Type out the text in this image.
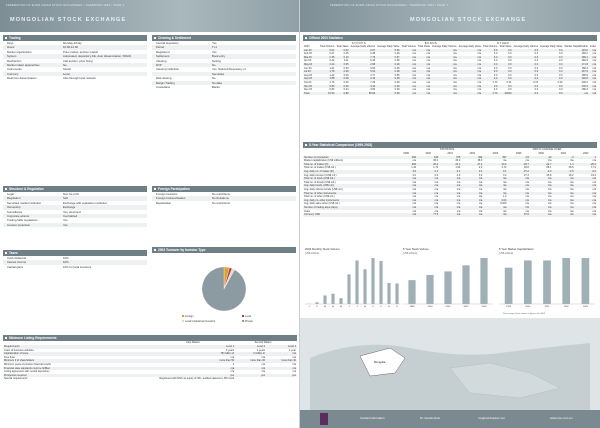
FEDERATION OF EURO-ASIAN STOCK EXCHANGES / YEARBOOK 2003 / PAGE 7
MONGOLIAN STOCK EXCHANGE
Trading
Days	Monday-Friday
Hours	10:00-12:00
Market organization	Pure market, auction market
System	Automated, depository link, Auto dissemination, SWAN
Mechanism	Call auction, price fixing
Market maker approaches	No
Instruments	Stocks
Currency	Local
Real time dissemination	Also through local network
Clearing & Settlement
Central depository	Yes
Period	T+1
Registered	Yes
Settlement	Book entry
Clearing	Netting
DVP	No
Clearing institution	Yes, National Depository of
Securities
Risk sharing	No
Margin Trading	No data
Custodians	Banks
Structure & Regulation
Legal	Non-for-profit
Regulation	Self
Securities market institution	Exchange with evaluation institution
Ownership	Exchange
Surveillance	Yes, electronic
Corporate actions	Centralized
Trading halts regulations	Yes
Investor protection	Yes
Foreign Participation
Foreign investors	No restrictions
Foreign brokers/dealers	No limitations
Repatriation	No restrictions
Taxes
Cash dividends	10%
Interest income	10%
Capital gains	10% for local investors
2003 Turnover by Investor Type
Foreign	Local
Local Institutional Investors	Private
Minimum Listing Requirements
First Market	Second Market
Requirements	Level 1	Level 2	Level 3
Years of business activities	3 years	2 years	1 year
Capitalization of issue	7B million tri	3 million tri	n/a
Free float	n/a	n/a	n/a
Minimum # of shareholders	more than 50	more than 30	more than 30
Minimum years of positive financial results	2	n/a	n/a
Financial state standards must be fulfilled	n/a	n/a	n/a
Listing agreement with central depository	n/a	n/a	n/a
Prospectus required	yes	yes	yes
Special requirements	Registered with MSC as equity of IDC, audited statement, MCI card		
FEDERATION OF EURO-ASIAN STOCK EXCHANGES / YEARBOOK 2003 / PAGE 7
MONGOLIAN STOCK EXCHANGE
Official 2003 Statistics
STOCKS	BONDS	OTHER
2003	Total Volume	Total Value	Average Daily Volume	Average Daily Value	Total Volume	Total Value	Average Daily Volume	Average Daily Value	Total Volume	Total Value	Average Daily Volume	Average Daily Value	Market Capitalization	Index
Jan.03	0.01	0.02	0.07	0.56	n/a	n/a	n/a	n/a	0.0	0.0	0.0	0.0	191.0	n/a
Feb.03	0.07	0.06	0.38	0.26	n/a	n/a	n/a	n/a	0.0	0.0	0.0	0.0	182.2	n/a
Mar.03	0.35	0.10	7.76	0.97	n/a	n/a	n/a	n/a	0.0	0.0	0.0	0.0	189.1	n/a
Apr.03	0.42	0.11	6.40	0.48	n/a	n/a	n/a	n/a	0.0	0.0	0.0	0.0	182.9	n/a
May.03	0.24	0.05	2.98	0.29	n/a	n/a	n/a	n/a	0.0	0.0	0.0	0.0	171.8	n/a
Jun.03	1.21	0.06	3.66	0.45	n/a	n/a	n/a	n/a	0.0	0.0	0.0	0.0	168.4	n/a
Jul.03	1.78	0.08	5.02	0.48	n/a	n/a	n/a	n/a	0.0	0.0	0.0	0.0	167.6	n/a
Aug.03	1.42	0.09	4.77	0.55	n/a	n/a	n/a	n/a	0.0	0.0	0.0	0.0	185.9	n/a
Sep.03	1.88	0.08	6.10	0.48	n/a	n/a	n/a	n/a	0.0	0.0	0.0	0.0	192.8	n/a
Oct.03	1.76	0.09	7.29	0.48	n/a	n/a	n/a	n/a	1.70	0.01	0.07	0.00	200.0	n/a
Nov.03	0.86	0.06	4.43	0.29	n/a	n/a	n/a	n/a	0.0	0.0	0.0	0.0	178.3	n/a
Dec.03	0.84	0.04	3.83	0.29	n/a	n/a	n/a	n/a	0.0	0.0	0.0	0.0	188.4	n/a
Total	10.04	0.88	58.84	5.48	n/a	n/a	n/a	n/a	1.70	20000	0.0	0.0	n/a	n/a
5-Year Statistical Comparison (1999-2003)
STATISTICS	2003 % CHANGE OVER
	1999	2000	2001	2002	2003	1999	2000	2001	2002
Number of companies	466	443	375	394	397	-15	-10	-4	1
Market capitalization (US$ millions)	n/a	36.0	36.0	38.0	n/a	n/a	n/a	n/a	n/a
Total no. of trades (th)	906	26.4	20.1	27.2	20.4	-29.7	-22.7	1.3	-25.0
Total no. of trades (US$ mil.)	1.42	1.73	1.94	2.3	2.74	93.8	68.1	38.6	17.0
Avg. daily no. of trades (th)	3.6	0.1	0.1	0.1	0.1	-97.2	-0.0	-0.0	-0.0
Avg. daily turnover (US$ mil.)	0.0	0.0	0.0	0.0	0.0	27.3	25.8	18.2	19.2
Total no. of stock (US$ mil.)	n/a	n/a	n/a	n/a	n/a	n/a	n/a	n/a	n/a
Total no. of bonds (US$ mil.)	n/a	n/a	n/a	n/a	n/a	n/a	n/a	n/a	n/a
Avg. daily bonds (US$ mil.)	n/a	n/a	n/a	n/a	n/a	n/a	n/a	n/a	n/a
Avg. daily volume bonds (US$ mil.)	n/a	n/a	n/a	n/a	n/a	n/a	n/a	n/a	n/a
Total no. of other instruments	n/a	n/a	n/a	n/a	n/a	n/a	n/a	n/a	n/a
Total no. of other (US$ mil.)	n/a	n/a	n/a	n/a	1.0	n/a	n/a	n/a	n/a
Avg. daily no. other instruments	n/a	n/a	n/a	n/a	0.00	n/a	n/a	n/a	n/a
Avg. daily value other (US$ mil.)	n/a	n/a	n/a	n/a	0.000	n/a	n/a	n/a	n/a
Number of trading days (days)	n/a	n/a	n/a	n/a	n/a	n/a	n/a	n/a	n/a
Index	n/a	n/a	n/a	n/a	n/a	n/a	n/a	n/a	n/a
Currency USD	n/a	77.6	n/a	n/a	n/a	67.6	n/a	n/a	n/a
2003 Monthly Stock Volume
(US$ millions)
J	F	M	A	M	J	J	A	S	O	N	D
5 Year Stock Volume
(US$ millions)
1999	2000	2001	2002	2003
5 Year Market Capitalization
(US$ millions)
1999	2000	2001	2002	2003
Percentage: Data shown in figures for 2003
Mongolia
Contact Information	Dr. Gerelto Dulu	mngfund.freedom.net	www.mse.com.mn
